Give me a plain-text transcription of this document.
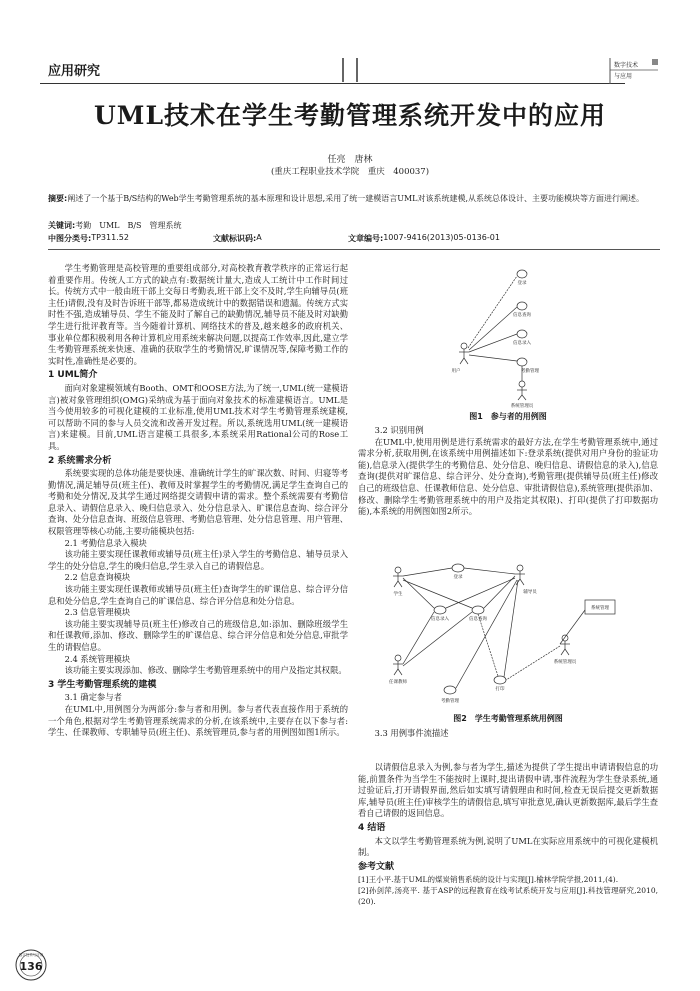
应用研究	数字技术
与应用
UML技术在学生考勤管理系统开发中的应用
任亮　唐林
(重庆工程职业技术学院　重庆　400037)
摘要:阐述了一个基于B/S结构的Web学生考勤管理系统的基本原理和设计思想,采用了统一建模语言UML对该系统建模,从系统总体设计、主要功能模块等方面进行阐述。
关键词:考勤　UML　B/S　管理系统
中图分类号: TP311.52	文献标识码: A	文章编号: 1007-9416(2013)05-0136-01

学生考勤管理是高校管理的重要组成部分,对高校教育教学秩序的正常运行起着重要作用。传统人工方式的缺点有:数据统计量大,造成人工统计中工作时间过长。传统方式中一般由班干部上交每日考勤表,班干部上交不及时,学生向辅导员(班主任)请假,没有及时告诉班干部等,都易造成统计中的数据错误和遗漏。传统方式实时性不强,造成辅导员、学生不能及时了解自己的缺勤情况,辅导员不能及时对缺勤学生进行批评教育等。当今随着计算机、网络技术的普及,越来越多的政府机关、事业单位都积极利用各种计算机应用系统来解决问题,以提高工作效率,因此,建立学生考勤管理系统来快速、准确的获取学生的考勤情况,旷课情况等,保障考勤工作的实时性,准确性是必要的。

1 UML简介

面向对象建模领域有Booth、OMT和OOSE方法,为了统一,UML(统一建模语言)被对象管理组织(OMG)采纳成为基于面向对象技术的标准建模语言。UML是当今使用较多的可视化建模的工业标准,使用UML技术对学生考勤管理系统建模,可以帮助不同的参与人员交流和改善开发过程。所以,系统选用UML(统一建模语言)来建模。目前,UML语言建模工具很多,本系统采用Rational公司的Rose工具。

2 系统需求分析

系统要实现的总体功能是要快速、准确统计学生的旷课次数、时间、归寝等考勤情况,满足辅导员(班主任)、教师及时掌握学生的考勤情况,满足学生查询自己的考勤和处分情况,及其学生通过网络提交请假申请的需求。整个系统需要有考勤信息录入、请假信息录入、晚归信息录入、处分信息录入、旷课信息查询、综合评分查询、处分信息查询、班级信息管理、考勤信息管理、处分信息管理、用户管理、权限管理等核心功能,主要功能模块包括:

2.1 考勤信息录入模块

该功能主要实现任课教师或辅导员(班主任)录入学生的考勤信息、辅导员录入学生的处分信息,学生的晚归信息,学生录入自己的请假信息。

2.2 信息查询模块

该功能主要实现任课教师或辅导员(班主任)查询学生的旷课信息、综合评分信息和处分信息,学生查询自己的旷课信息、综合评分信息和处分信息。

2.3 信息管理模块

该功能主要实现辅导员(班主任)修改自己的班级信息,如:添加、删除班级学生和任课教师,添加、修改、删除学生的旷课信息、综合评分信息和处分信息,审批学生的请假信息。

2.4 系统管理模块

该功能主要实现添加、修改、删除学生考勤管理系统中的用户及指定其权限。

3 学生考勤管理系统的建模
3.1 确定参与者

在UML中,用例图分为两部分:参与者和用例。参与者代表直接作用于系统的一个角色,根据对学生考勤管理系统需求的分析,在该系统中,主要存在以下参与者:学生、任课教师、专职辅导员(班主任)、系统管理员,参与者的用例图如图1所示。

登录
信息查询
信息录入
考勤管理
用户
系统管理员
图1　参与者的用例图
3.2 识别用例

在UML中,使用用例是进行系统需求的最好方法,在学生考勤管理系统中,通过需求分析,获取用例,在该系统中用例描述如下:登录系统(提供对用户身份的验证功能),信息录入(提供学生的考勤信息、处分信息、晚归信息、请假信息的录入),信息查询(提供对旷课信息、综合评分、处分查询),考勤管理(提供辅导员(班主任)修改自己的班级信息、任课教师信息、处分信息、审批请假信息),系统管理(提供添加、修改、删除学生考勤管理系统中的用户及指定其权限)、打印(提供了打印数据功能),本系统的用例图如图2所示。

学生
任课教师
辅导员
系统管理员
登录
信息录入	信息查询
考勤管理
打印
系统管理
图2　学生考勤管理系统用例图
3.3 用例事件流描述

以请假信息录入为例,参与者为学生,描述为提供了学生提出申请请假信息的功能,前置条件为当学生不能按时上课时,提出请假申请,事件流程为学生登录系统,通过验证后,打开请假界面,然后如实填写请假理由和时间,检查无误后提交更新数据库,辅导员(班主任)审核学生的请假信息,填写审批意见,确认更新数据库,最后学生查看自己请假的返回信息。

4 结语

本文以学生考勤管理系统为例,说明了UML在实际应用系统中的可视化建模机制。

参考文献

[1]王小平.基于UML的煤炭销售系统的设计与实现[J].榆林学院学报,2011,(4).

[2]孙剑萍,汤亮平. 基于ASP的远程教育在线考试系统开发与应用[J].科技管理研究,2010,(20).

数字技术与应用
136
